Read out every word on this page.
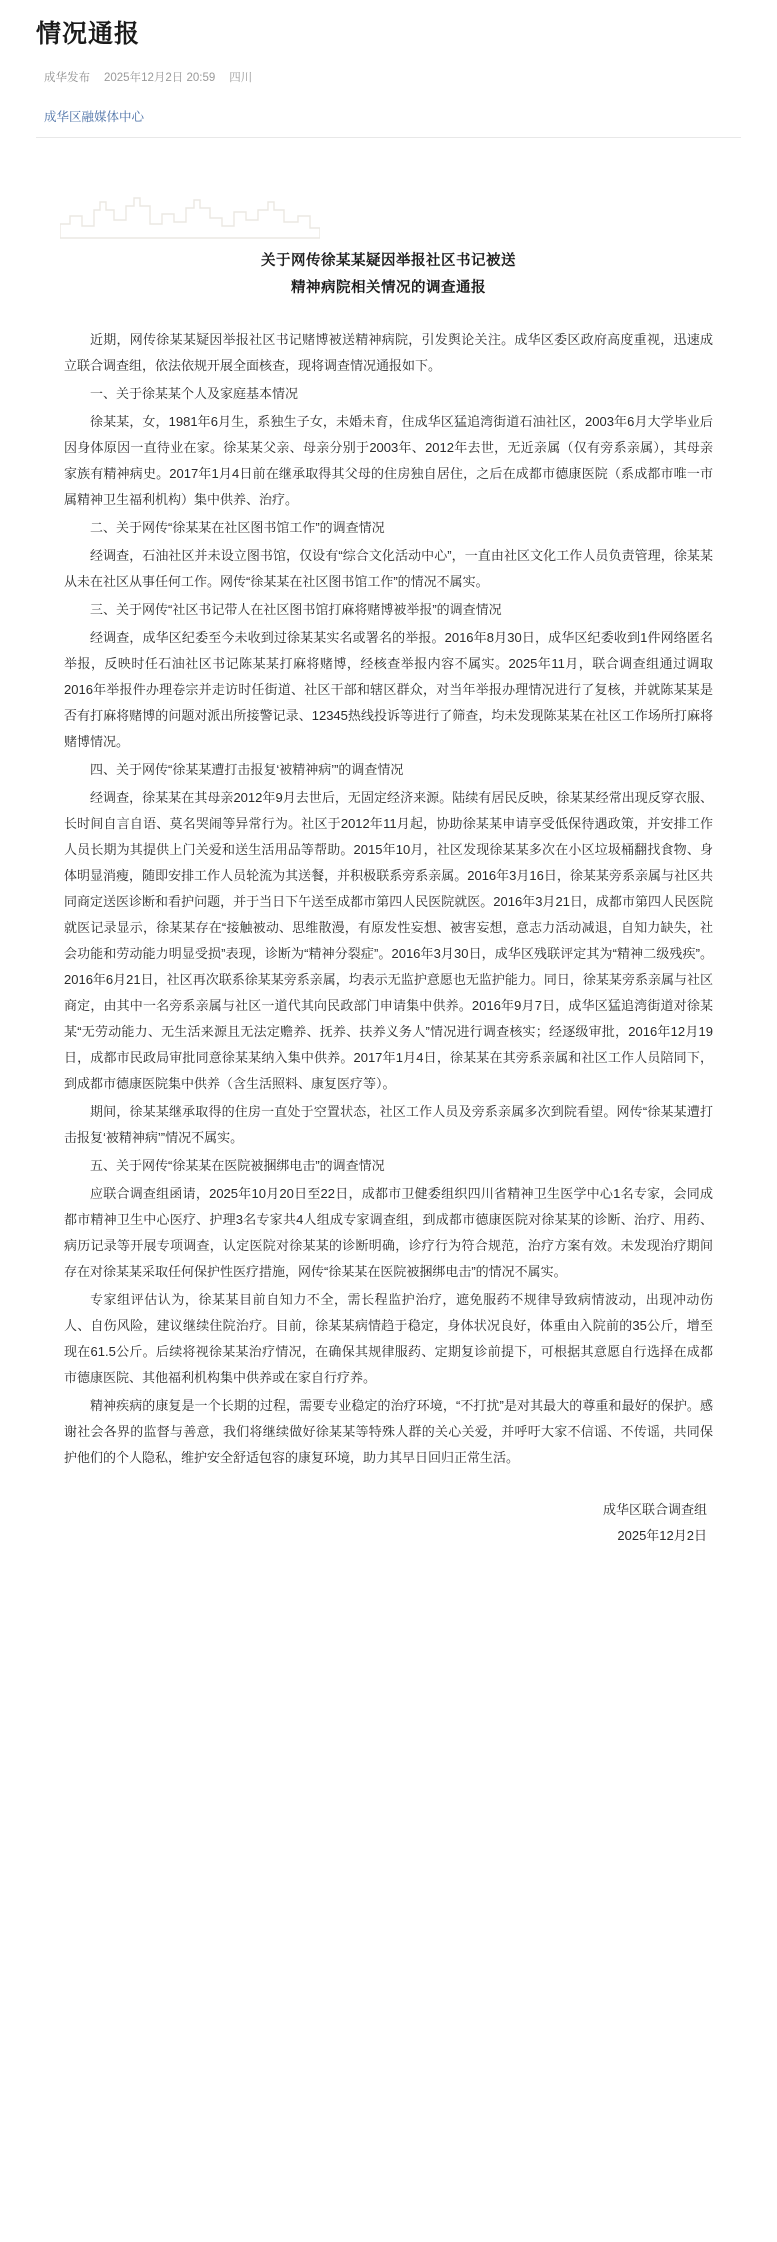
情况通报
成华发布 2025年12月2日 20:59 四川
成华区融媒体中心
关于网传徐某某疑因举报社区书记被送
精神病院相关情况的调查通报

近期，网传徐某某疑因举报社区书记赌博被送精神病院，引发舆论关注。成华区委区政府高度重视，迅速成立联合调查组，依法依规开展全面核查，现将调查情况通报如下。

一、关于徐某某个人及家庭基本情况

徐某某，女，1981年6月生，系独生子女，未婚未育，住成华区猛追湾街道石油社区，2003年6月大学毕业后因身体原因一直待业在家。徐某某父亲、母亲分别于2003年、2012年去世，无近亲属（仅有旁系亲属），其母亲家族有精神病史。2017年1月4日前在继承取得其父母的住房独自居住，之后在成都市德康医院（系成都市唯一市属精神卫生福利机构）集中供养、治疗。

二、关于网传“徐某某在社区图书馆工作”的调查情况

经调查，石油社区并未设立图书馆，仅设有“综合文化活动中心”，一直由社区文化工作人员负责管理，徐某某从未在社区从事任何工作。网传“徐某某在社区图书馆工作”的情况不属实。

三、关于网传“社区书记带人在社区图书馆打麻将赌博被举报”的调查情况

经调查，成华区纪委至今未收到过徐某某实名或署名的举报。2016年8月30日，成华区纪委收到1件网络匿名举报，反映时任石油社区书记陈某某打麻将赌博，经核查举报内容不属实。2025年11月，联合调查组通过调取2016年举报件办理卷宗并走访时任街道、社区干部和辖区群众，对当年举报办理情况进行了复核，并就陈某某是否有打麻将赌博的问题对派出所接警记录、12345热线投诉等进行了筛查，均未发现陈某某在社区工作场所打麻将赌博情况。

四、关于网传“徐某某遭打击报复‘被精神病’”的调查情况

经调查，徐某某在其母亲2012年9月去世后，无固定经济来源。陆续有居民反映，徐某某经常出现反穿衣服、长时间自言自语、莫名哭闹等异常行为。社区于2012年11月起，协助徐某某申请享受低保待遇政策，并安排工作人员长期为其提供上门关爱和送生活用品等帮助。2015年10月，社区发现徐某某多次在小区垃圾桶翻找食物、身体明显消瘦，随即安排工作人员轮流为其送餐，并积极联系旁系亲属。2016年3月16日，徐某某旁系亲属与社区共同商定送医诊断和看护问题，并于当日下午送至成都市第四人民医院就医。2016年3月21日，成都市第四人民医院就医记录显示，徐某某存在“接触被动、思维散漫，有原发性妄想、被害妄想，意志力活动减退，自知力缺失，社会功能和劳动能力明显受损”表现，诊断为“精神分裂症”。2016年3月30日，成华区残联评定其为“精神二级残疾”。2016年6月21日，社区再次联系徐某某旁系亲属，均表示无监护意愿也无监护能力。同日，徐某某旁系亲属与社区商定，由其中一名旁系亲属与社区一道代其向民政部门申请集中供养。2016年9月7日，成华区猛追湾街道对徐某某“无劳动能力、无生活来源且无法定赡养、抚养、扶养义务人”情况进行调查核实；经逐级审批，2016年12月19日，成都市民政局审批同意徐某某纳入集中供养。2017年1月4日，徐某某在其旁系亲属和社区工作人员陪同下，到成都市德康医院集中供养（含生活照料、康复医疗等）。

期间，徐某某继承取得的住房一直处于空置状态，社区工作人员及旁系亲属多次到院看望。网传“徐某某遭打击报复‘被精神病’”情况不属实。

五、关于网传“徐某某在医院被捆绑电击”的调查情况

应联合调查组函请，2025年10月20日至22日，成都市卫健委组织四川省精神卫生医学中心1名专家，会同成都市精神卫生中心医疗、护理3名专家共4人组成专家调查组，到成都市德康医院对徐某某的诊断、治疗、用药、病历记录等开展专项调查，认定医院对徐某某的诊断明确，诊疗行为符合规范，治疗方案有效。未发现治疗期间存在对徐某某采取任何保护性医疗措施，网传“徐某某在医院被捆绑电击”的情况不属实。

专家组评估认为，徐某某目前自知力不全，需长程监护治疗，遮免服药不规律导致病情波动，出现冲动伤人、自伤风险，建议继续住院治疗。目前，徐某某病情趋于稳定，身体状况良好，体重由入院前的35公斤，增至现在61.5公斤。后续将视徐某某治疗情况，在确保其规律服药、定期复诊前提下，可根据其意愿自行选择在成都市德康医院、其他福利机构集中供养或在家自行疗养。

精神疾病的康复是一个长期的过程，需要专业稳定的治疗环境，“不打扰”是对其最大的尊重和最好的保护。感谢社会各界的监督与善意，我们将继续做好徐某某等特殊人群的关心关爱，并呼吁大家不信谣、不传谣，共同保护他们的个人隐私，维护安全舒适包容的康复环境，助力其早日回归正常生活。

成华区联合调查组
2025年12月2日
